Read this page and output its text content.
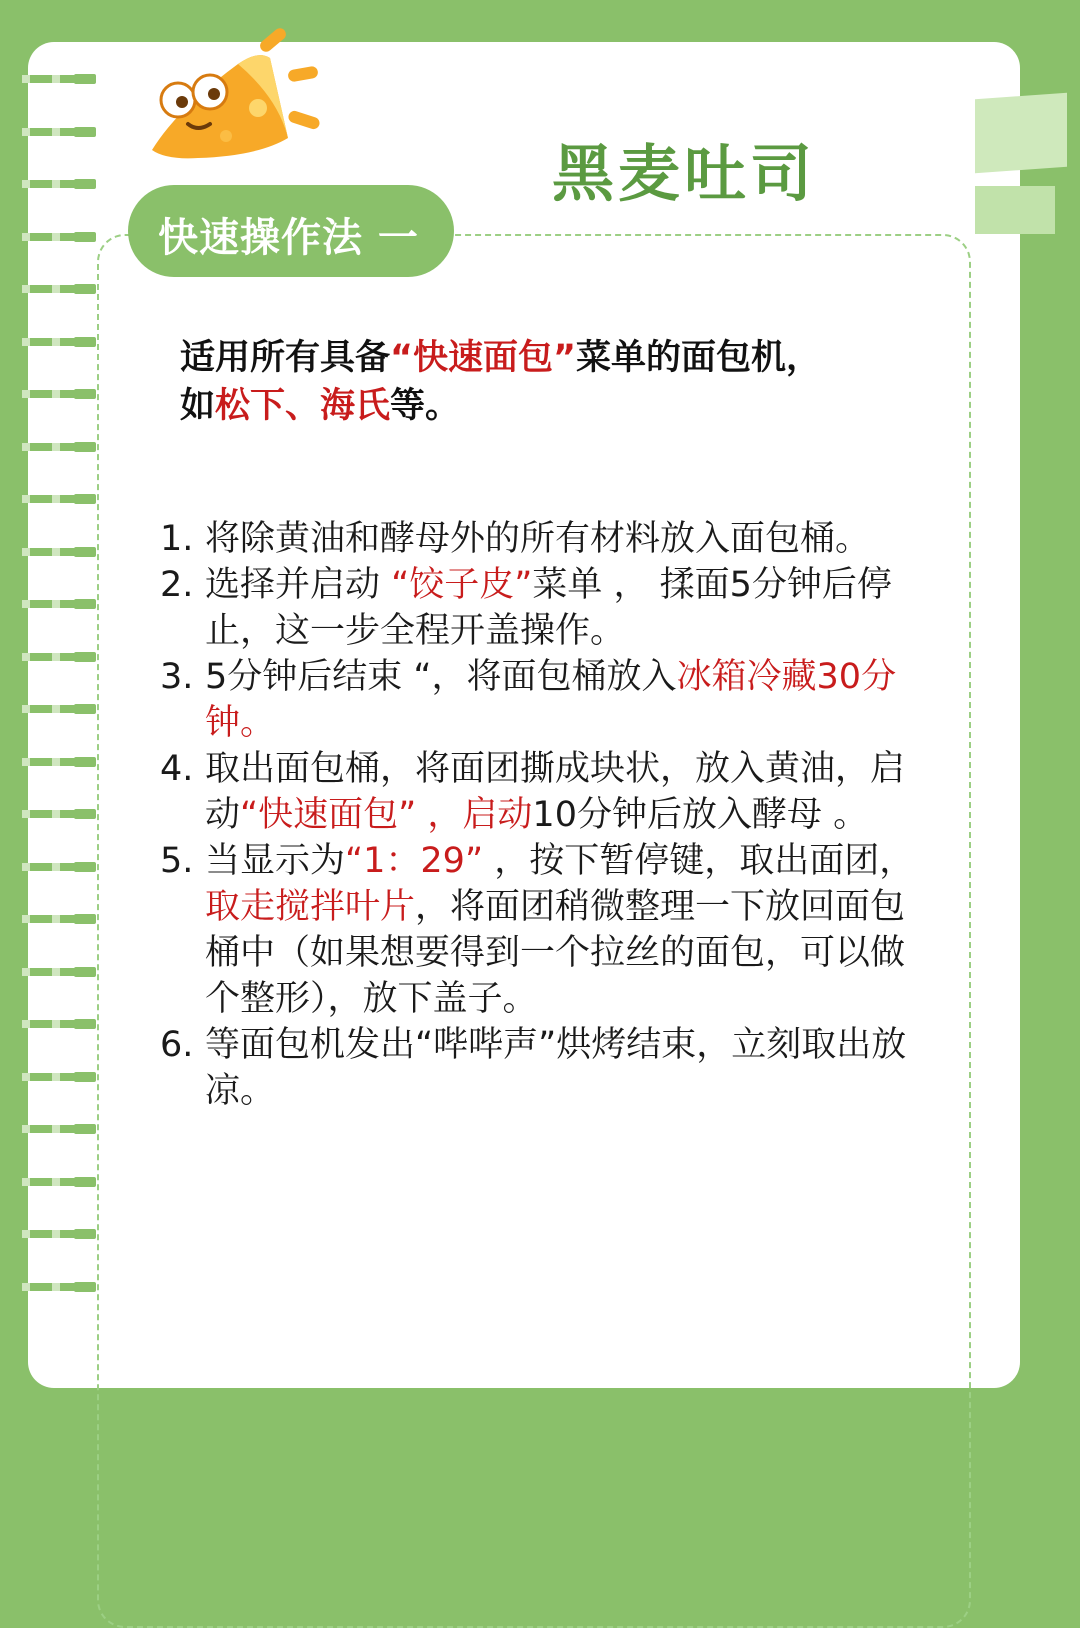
黑麦吐司
快速操作法 一
适用所有具备“快速面包”菜单的面包机，
如松下、海氏等。
1. 将除黄油和酵母外的所有材料放入面包桶。
2. 选择并启动 “饺子皮”菜单 ， 揉面5分钟后停止，这一步全程开盖操作。
3. 5分钟后结束 “，将面包桶放入冰箱冷藏30分钟。
4. 取出面包桶，将面团撕成块状，放入黄油，启动“快速面包” ，启动10分钟后放入酵母 。
5. 当显示为“1：29” ，按下暂停键，取出面团，取走搅拌叶片，将面团稍微整理一下放回面包桶中（如果想要得到一个拉丝的面包，可以做个整形），放下盖子。
6. 等面包机发出“哔哔声”烘烤结束，立刻取出放凉。
